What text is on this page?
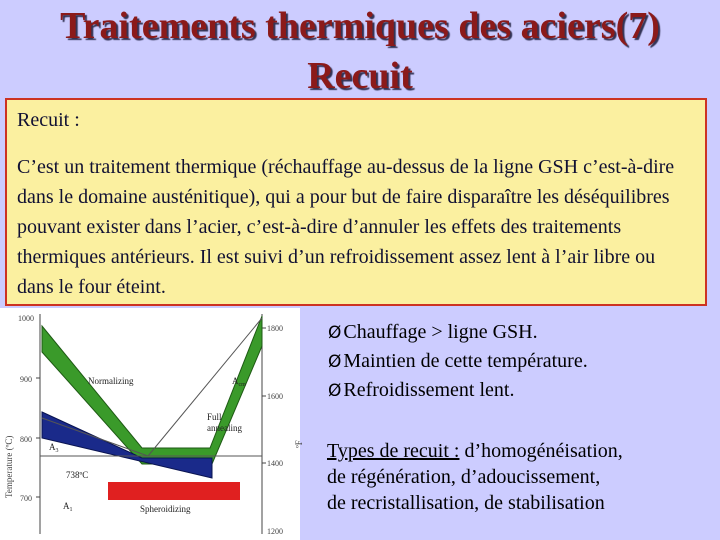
Traitements thermiques des aciers(7)
Recuit
Recuit :
C’est un traitement thermique (réchauffage au-dessus de la ligne GSH c’est-à-dire dans le domaine austénitique), qui a pour but de faire disparaître les déséquilibres pouvant exister dans l’acier, c’est-à-dire d’annuler les effets des traitements thermiques antérieurs. Il est suivi d’un refroidissement assez lent à l’air libre ou dans le four éteint.
1000
900
800
700
1800
1600
1400
1200
Temperature (ºC)	ºF
Normalizing	$A_{cm}$
Full
annealing
$A_3$
738ºC
$A_1$	Spheroidizing
Ø Chauffage > ligne GSH.
Ø Maintien de cette température.
Ø Refroidissement lent.
Types de recuit : d’homogénéisation,
de régénération, d’adoucissement,
de recristallisation, de stabilisation
